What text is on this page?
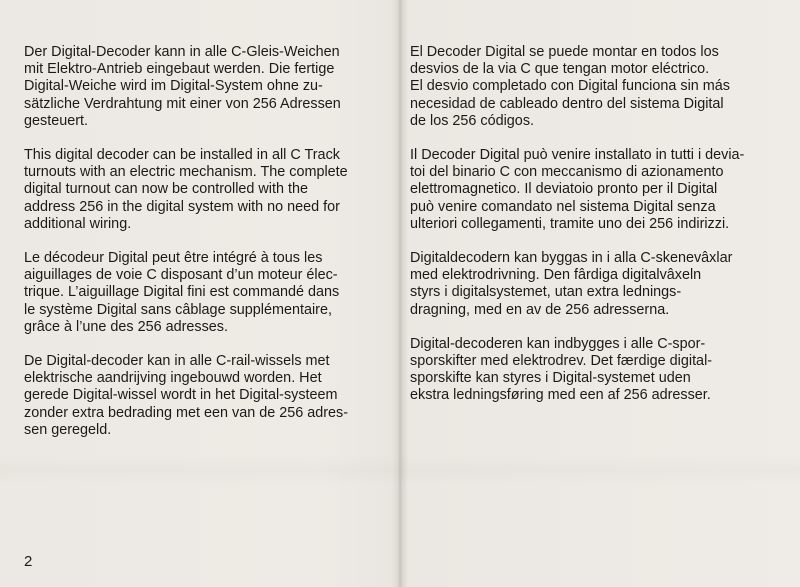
Der Digital-Decoder kann in alle C-Gleis-Weichen
mit Elektro-Antrieb eingebaut werden. Die fertige
Digital-Weiche wird im Digital-System ohne zu-
sätzliche Verdrahtung mit einer von 256 Adressen
gesteuert.

This digital decoder can be installed in all C Track
turnouts with an electric mechanism. The complete
digital turnout can now be controlled with the
address 256 in the digital system with no need for
additional wiring.

Le décodeur Digital peut être intégré à tous les
aiguillages de voie C disposant d’un moteur élec-
trique. L’aiguillage Digital fini est commandé dans
le système Digital sans câblage supplémentaire,
grâce à l’une des 256 adresses.

De Digital-decoder kan in alle C-rail-wissels met
elektrische aandrijving ingebouwd worden. Het
gerede Digital-wissel wordt in het Digital-systeem
zonder extra bedrading met een van de 256 adres-
sen geregeld.

2

El Decoder Digital se puede montar en todos los
desvios de la via C que tengan motor eléctrico.
El desvio completado con Digital funciona sin más
necesidad de cableado dentro del sistema Digital
de los 256 códigos.

Il Decoder Digital può venire installato in tutti i devia-
toi del binario C con meccanismo di azionamento
elettromagnetico. Il deviatoio pronto per il Digital
può venire comandato nel sistema Digital senza
ulteriori collegamenti, tramite uno dei 256 indirizzi.

Digitaldecodern kan byggas in i alla C-skenevâxlar
med elektrodrivning. Den fârdiga digitalvâxeln
styrs i digitalsystemet, utan extra lednings-
dragning, med en av de 256 adresserna.

Digital-decoderen kan indbygges i alle C-spor-
sporskifter med elektrodrev. Det færdige digital-
sporskifte kan styres i Digital-systemet uden
ekstra ledningsføring med een af 256 adresser.
